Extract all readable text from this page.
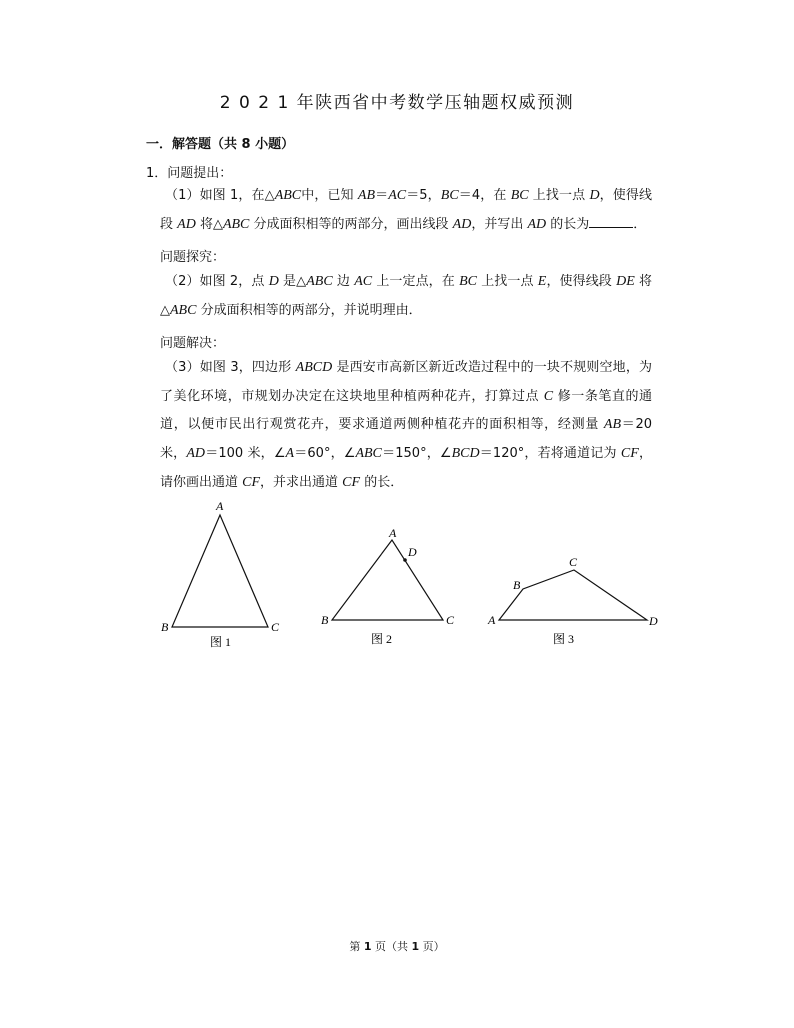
2 0 2 1 年陕西省中考数学压轴题权威预测
一．解答题（共 8 小题）
1．问题提出：
（1）如图 1，在△ABC中，已知 AB＝AC＝5，BC＝4，在 BC 上找一点 D，使得线段 AD 将△ABC 分成面积相等的两部分，画出线段 AD，并写出 AD 的长为	．
问题探究：
（2）如图 2，点 D 是△ABC 边 AC 上一定点，在 BC 上找一点 E，使得线段 DE 将△ABC 分成面积相等的两部分，并说明理由．
问题解决：
（3）如图 3，四边形 ABCD 是西安市高新区新近改造过程中的一块不规则空地，为了美化环境，市规划办决定在这块地里种植两种花卉，打算过点 C 修一条笔直的通道，以便市民出行观赏花卉，要求通道两侧种植花卉的面积相等，经测量 AB＝20 米，AD＝100 米，∠A＝60°，∠ABC＝150°，∠BCD＝120°，若将通道记为 CF，请你画出通道 CF，并求出通道 CF 的长．
A
B	C
图 1
A
D
B	C
图 2
A
B
C
D
图 3
第 1 页（共 1 页）
